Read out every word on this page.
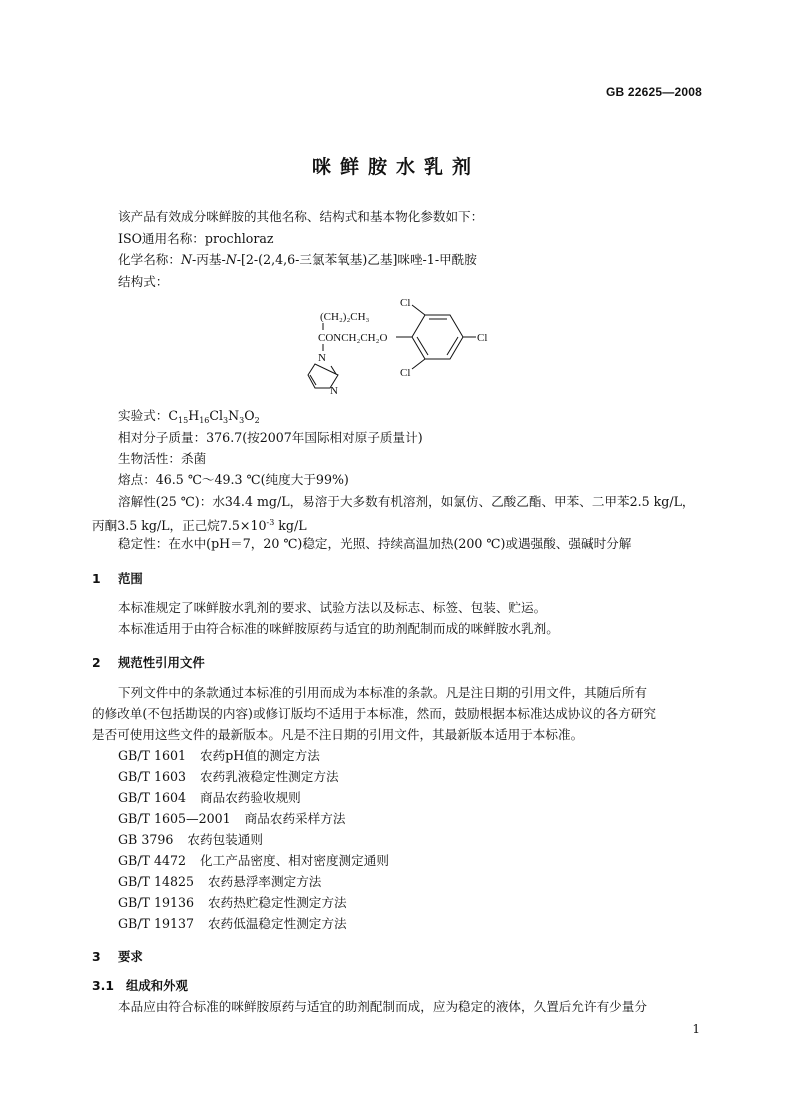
GB 22625—2008
咪鲜胺水乳剂
该产品有效成分咪鲜胺的其他名称、结构式和基本物化参数如下：
ISO通用名称：prochloraz
化学名称：N-丙基-N-[2-(2,4,6-三氯苯氧基)乙基]咪唑-1-甲酰胺
结构式：
(CH₂)₂CH₃
CONCH₂CH₂O
N
N
Cl
Cl
Cl
实验式：$C_{15}H_{16}Cl_3N_3O_2$
相对分子质量：376.7(按2007年国际相对原子质量计)
生物活性：杀菌
熔点：46.5 ℃～49.3 ℃(纯度大于99%)
溶解性(25 ℃)：水34.4 mg/L，易溶于大多数有机溶剂，如氯仿、乙酸乙酯、甲苯、二甲苯2.5 kg/L，
丙酮3.5 kg/L，正己烷$7.5\times 10^{-3}$ kg/L
稳定性：在水中(pH＝7，20 ℃)稳定，光照、持续高温加热(200 ℃)或遇强酸、强碱时分解
1 范围
本标准规定了咪鲜胺水乳剂的要求、试验方法以及标志、标签、包装、贮运。
本标准适用于由符合标准的咪鲜胺原药与适宜的助剂配制而成的咪鲜胺水乳剂。
2 规范性引用文件
下列文件中的条款通过本标准的引用而成为本标准的条款。凡是注日期的引用文件，其随后所有
的修改单(不包括勘误的内容)或修订版均不适用于本标准，然而，鼓励根据本标准达成协议的各方研究
是否可使用这些文件的最新版本。凡是不注日期的引用文件，其最新版本适用于本标准。
GB/T 1601 农药pH值的测定方法
GB/T 1603 农药乳液稳定性测定方法
GB/T 1604 商品农药验收规则
GB/T 1605—2001 商品农药采样方法
GB 3796 农药包装通则
GB/T 4472 化工产品密度、相对密度测定通则
GB/T 14825 农药悬浮率测定方法
GB/T 19136 农药热贮稳定性测定方法
GB/T 19137 农药低温稳定性测定方法
3 要求
3.1 组成和外观
本品应由符合标准的咪鲜胺原药与适宜的助剂配制而成，应为稳定的液体，久置后允许有少量分
1
